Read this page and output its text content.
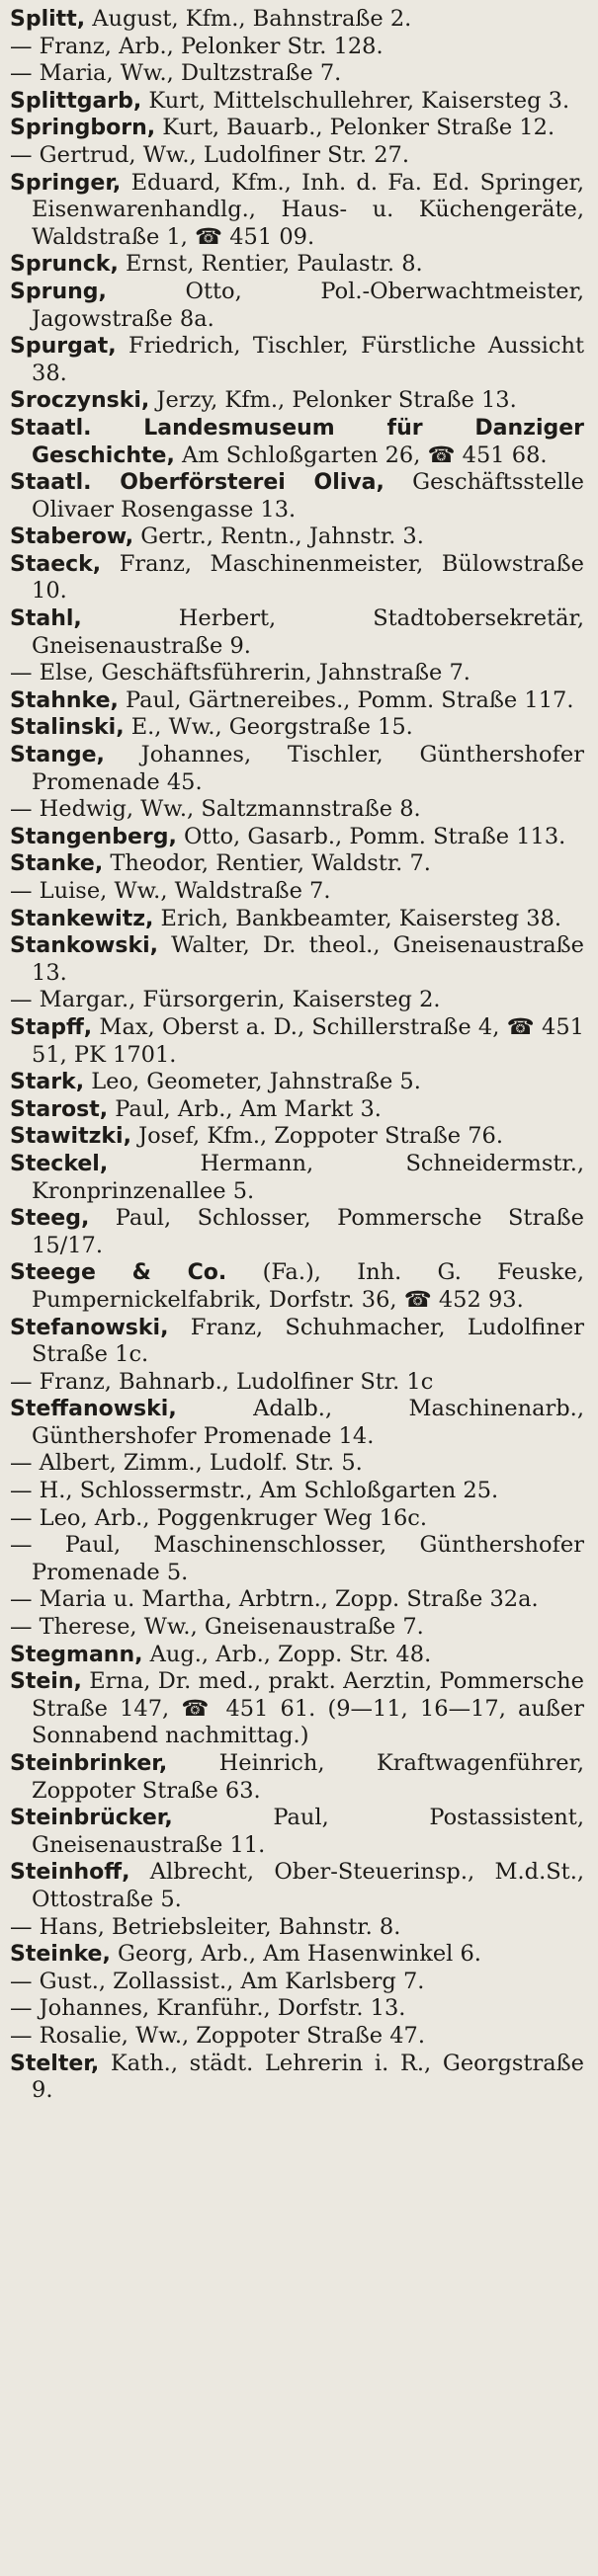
Splitt, August, Kfm., Bahnstraße 2.

— Franz, Arb., Pelonker Str. 128.

— Maria, Ww., Dultzstraße 7.

Splittgarb, Kurt, Mittelschullehrer, Kaisersteg 3.

Springborn, Kurt, Bauarb., Pelonker Straße 12.

— Gertrud, Ww., Ludolfiner Str. 27.

Springer, Eduard, Kfm., Inh. d. Fa. Ed. Springer, Eisenwarenhandlg., Haus- u. Küchengeräte, Waldstraße 1, ☎ 451 09.

Sprunck, Ernst, Rentier, Paulastr. 8.

Sprung, Otto, Pol.-Oberwachtmeister, Jagowstraße 8a.

Spurgat, Friedrich, Tischler, Fürstliche Aussicht 38.

Sroczynski, Jerzy, Kfm., Pelonker Straße 13.

Staatl. Landesmuseum für Danziger Geschichte, Am Schloßgarten 26, ☎ 451 68.

Staatl. Oberförsterei Oliva, Geschäftsstelle Olivaer Rosengasse 13.

Staberow, Gertr., Rentn., Jahnstr. 3.

Staeck, Franz, Maschinenmeister, Bülowstraße 10.

Stahl, Herbert, Stadtobersekretär, Gneisenaustraße 9.

— Else, Geschäftsführerin, Jahnstraße 7.

Stahnke, Paul, Gärtnereibes., Pomm. Straße 117.

Stalinski, E., Ww., Georgstraße 15.

Stange, Johannes, Tischler, Günthershofer Promenade 45.

— Hedwig, Ww., Saltzmannstraße 8.

Stangenberg, Otto, Gasarb., Pomm. Straße 113.

Stanke, Theodor, Rentier, Waldstr. 7.

— Luise, Ww., Waldstraße 7.

Stankewitz, Erich, Bankbeamter, Kaisersteg 38.

Stankowski, Walter, Dr. theol., Gneisenaustraße 13.

— Margar., Fürsorgerin, Kaisersteg 2.

Stapff, Max, Oberst a. D., Schillerstraße 4, ☎ 451 51, PK 1701.

Stark, Leo, Geometer, Jahnstraße 5.

Starost, Paul, Arb., Am Markt 3.

Stawitzki, Josef, Kfm., Zoppoter Straße 76.

Steckel, Hermann, Schneidermstr., Kronprinzenallee 5.

Steeg, Paul, Schlosser, Pommersche Straße 15/17.

Steege & Co. (Fa.), Inh. G. Feuske, Pumpernickelfabrik, Dorfstr. 36, ☎ 452 93.

Stefanowski, Franz, Schuhmacher, Ludolfiner Straße 1c.

— Franz, Bahnarb., Ludolfiner Str. 1c

Steffanowski, Adalb., Maschinenarb., Günthershofer Promenade 14.

— Albert, Zimm., Ludolf. Str. 5.

— H., Schlossermstr., Am Schloßgarten 25.

— Leo, Arb., Poggenkruger Weg 16c.

— Paul, Maschinenschlosser, Günthershofer Promenade 5.

— Maria u. Martha, Arbtrn., Zopp. Straße 32a.

— Therese, Ww., Gneisenaustraße 7.

Stegmann, Aug., Arb., Zopp. Str. 48.

Stein, Erna, Dr. med., prakt. Aerztin, Pommersche Straße 147, ☎ 451 61. (9—11, 16—17, außer Sonnabend nachmittag.)

Steinbrinker, Heinrich, Kraftwagenführer, Zoppoter Straße 63.

Steinbrücker, Paul, Postassistent, Gneisenaustraße 11.

Steinhoff, Albrecht, Ober-Steuerinsp., M.d.St., Ottostraße 5.

— Hans, Betriebsleiter, Bahnstr. 8.

Steinke, Georg, Arb., Am Hasenwinkel 6.

— Gust., Zollassist., Am Karlsberg 7.

— Johannes, Kranführ., Dorfstr. 13.

— Rosalie, Ww., Zoppoter Straße 47.

Stelter, Kath., städt. Lehrerin i. R., Georgstraße 9.
